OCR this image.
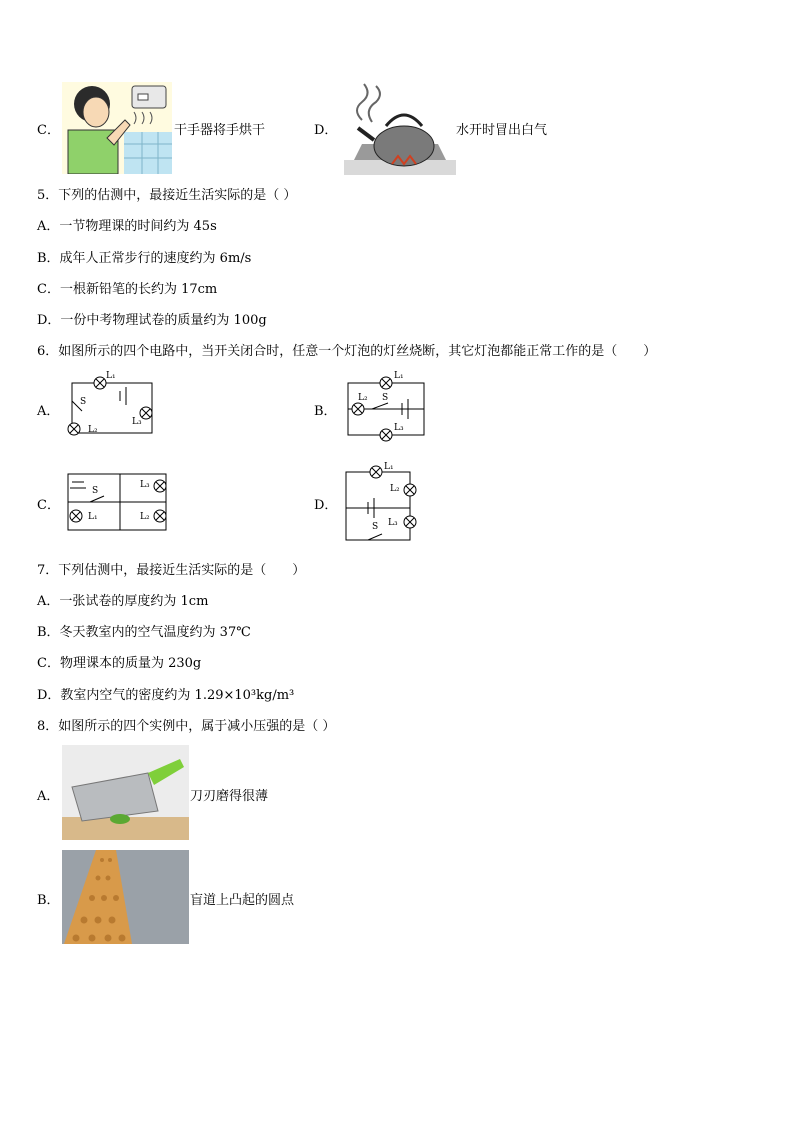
C．	干手器将手烘干	D．	水开时冒出白气
5．下列的估测中，最接近生活实际的是（ ）
A．一节物理课的时间约为 45s
B．成年人正常步行的速度约为 6m/s
C．一根新铅笔的长约为 17cm
D．一份中考物理试卷的质量约为 100g
6．如图所示的四个电路中，当开关闭合时，任意一个灯泡的灯丝烧断，其它灯泡都能正常工作的是（　　）
A．
L₁
S
L₃
L₂
B．
L₁
L₂ S
L₃
C．
S
L₃
L₁	L₂
D．
L₁
L₂
S L₃
7．下列估测中，最接近生活实际的是（　　）
A．一张试卷的厚度约为 1cm
B．冬天教室内的空气温度约为 37℃
C．物理课本的质量为 230g
D．教室内空气的密度约为 1.29×10³kg/m³
8．如图所示的四个实例中，属于减小压强的是（ ）
A．	刀刃磨得很薄
B．	盲道上凸起的圆点
